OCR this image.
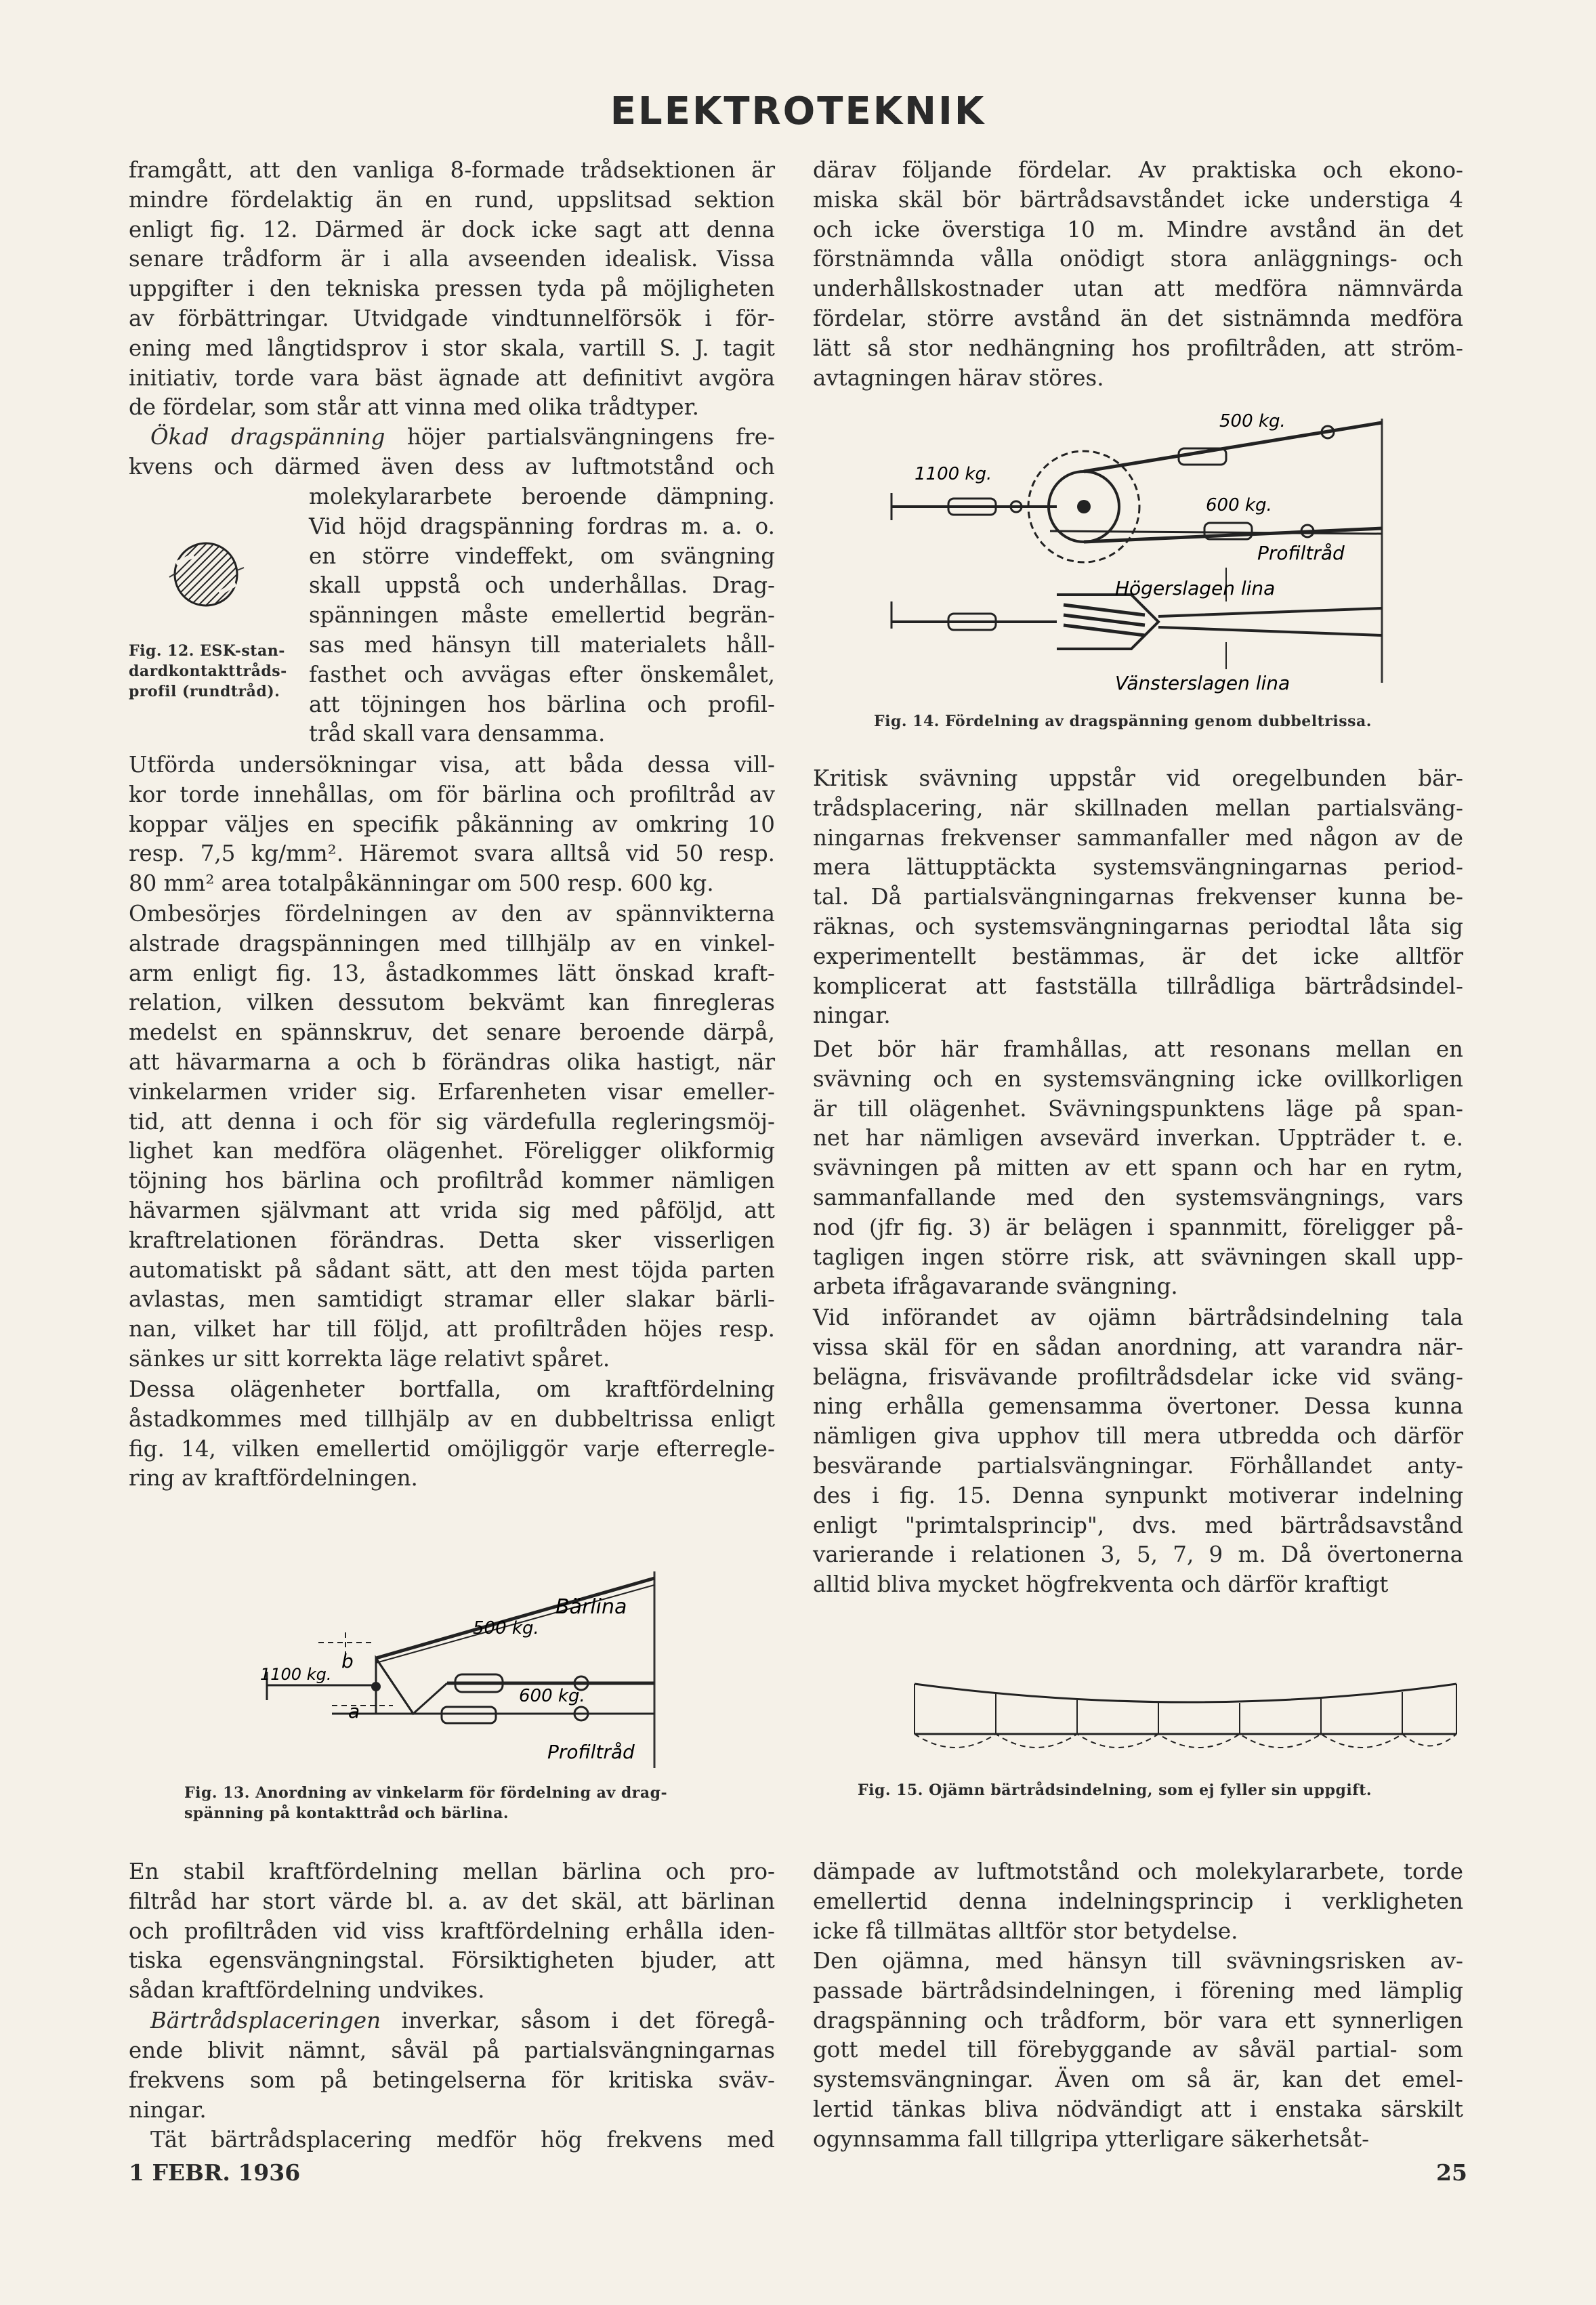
ELEKTROTEKNIK
framgått, att den vanliga 8-formade trådsektionen är
mindre fördelaktig än en rund, uppslitsad sektion
enligt fig. 12. Därmed är dock icke sagt att denna
senare trådform är i alla avseenden idealisk. Vissa
uppgifter i den tekniska pressen tyda på möjligheten
av förbättringar. Utvidgade vindtunnelförsök i för-
ening med långtidsprov i stor skala, vartill S. J. tagit
initiativ, torde vara bäst ägnade att definitivt avgöra
de fördelar, som står att vinna med olika trådtyper.
Ökad dragspänning höjer partialsvängningens fre-
kvens och därmed även dess av luftmotstånd och
molekylararbete beroende dämpning.
Vid höjd dragspänning fordras m. a. o.
en större vindeffekt, om svängning
skall uppstå och underhållas. Drag-
spänningen måste emellertid begrän-
sas med hänsyn till materialets håll-
fasthet och avvägas efter önskemålet,
att töjningen hos bärlina och profil-
tråd skall vara densamma.
Fig. 12. ESK-stan-
dardkontakttråds-
profil (rundtråd).
Utförda undersökningar visa, att båda dessa vill-
kor torde innehållas, om för bärlina och profiltråd av
koppar väljes en specifik påkänning av omkring 10
resp. 7,5 kg/mm². Häremot svara alltså vid 50 resp.
80 mm² area totalpåkänningar om 500 resp. 600 kg.
Ombesörjes fördelningen av den av spännvikterna
alstrade dragspänningen med tillhjälp av en vinkel-
arm enligt fig. 13, åstadkommes lätt önskad kraft-
relation, vilken dessutom bekvämt kan finregleras
medelst en spännskruv, det senare beroende därpå,
att hävarmarna a och b förändras olika hastigt, när
vinkelarmen vrider sig. Erfarenheten visar emeller-
tid, att denna i och för sig värdefulla regleringsmöj-
lighet kan medföra olägenhet. Föreligger olikformig
töjning hos bärlina och profiltråd kommer nämligen
hävarmen självmant att vrida sig med påföljd, att
kraftrelationen förändras. Detta sker visserligen
automatiskt på sådant sätt, att den mest töjda parten
avlastas, men samtidigt stramar eller slakar bärli-
nan, vilket har till följd, att profiltråden höjes resp.
sänkes ur sitt korrekta läge relativt spåret.
Dessa olägenheter bortfalla, om kraftfördelning
åstadkommes med tillhjälp av en dubbeltrissa enligt
fig. 14, vilken emellertid omöjliggör varje efterregle-
ring av kraftfördelningen.
Bärlina
500 kg.
1100 kg.
b
a
600 kg.
Profiltråd
Fig. 13. Anordning av vinkelarm för fördelning av drag-
spänning på kontakttråd och bärlina.
En stabil kraftfördelning mellan bärlina och pro-
filtråd har stort värde bl. a. av det skäl, att bärlinan
och profiltråden vid viss kraftfördelning erhålla iden-
tiska egensvängningstal. Försiktigheten bjuder, att
sådan kraftfördelning undvikes.
Bärtrådsplaceringen inverkar, såsom i det föregå-
ende blivit nämnt, såväl på partialsvängningarnas
frekvens som på betingelserna för kritiska sväv-
ningar.
Tät bärtrådsplacering medför hög frekvens med
därav följande fördelar. Av praktiska och ekono-
miska skäl bör bärtrådsavståndet icke understiga 4
och icke överstiga 10 m. Mindre avstånd än det
förstnämnda vålla onödigt stora anläggnings- och
underhållskostnader utan att medföra nämnvärda
fördelar, större avstånd än det sistnämnda medföra
lätt så stor nedhängning hos profiltråden, att ström-
avtagningen härav störes.
500 kg.
1100 kg.
600 kg.
Profiltråd
Högerslagen lina
Vänsterslagen lina
Fig. 14. Fördelning av dragspänning genom dubbeltrissa.
Kritisk svävning uppstår vid oregelbunden bär-
trådsplacering, när skillnaden mellan partialsväng-
ningarnas frekvenser sammanfaller med någon av de
mera lättupptäckta systemsvängningarnas period-
tal. Då partialsvängningarnas frekvenser kunna be-
räknas, och systemsvängningarnas periodtal låta sig
experimentellt bestämmas, är det icke alltför
komplicerat att fastställa tillrådliga bärtrådsindel-
ningar.
Det bör här framhållas, att resonans mellan en
svävning och en systemsvängning icke ovillkorligen
är till olägenhet. Svävningspunktens läge på span-
net har nämligen avsevärd inverkan. Uppträder t. e.
svävningen på mitten av ett spann och har en rytm,
sammanfallande med den systemsvängnings, vars
nod (jfr fig. 3) är belägen i spannmitt, föreligger på-
tagligen ingen större risk, att svävningen skall upp-
arbeta ifrågavarande svängning.
Vid införandet av ojämn bärtrådsindelning tala
vissa skäl för en sådan anordning, att varandra när-
belägna, frisvävande profiltrådsdelar icke vid sväng-
ning erhålla gemensamma övertoner. Dessa kunna
nämligen giva upphov till mera utbredda och därför
besvärande partialsvängningar. Förhållandet anty-
des i fig. 15. Denna synpunkt motiverar indelning
enligt "primtalsprincip", dvs. med bärtrådsavstånd
varierande i relationen 3, 5, 7, 9 m. Då övertonerna
alltid bliva mycket högfrekventa och därför kraftigt
Fig. 15. Ojämn bärtrådsindelning, som ej fyller sin uppgift.
dämpade av luftmotstånd och molekylararbete, torde
emellertid denna indelningsprincip i verkligheten
icke få tillmätas alltför stor betydelse.
Den ojämna, med hänsyn till svävningsrisken av-
passade bärtrådsindelningen, i förening med lämplig
dragspänning och trådform, bör vara ett synnerligen
gott medel till förebyggande av såväl partial- som
systemsvängningar. Även om så är, kan det emel-
lertid tänkas bliva nödvändigt att i enstaka särskilt
ogynnsamma fall tillgripa ytterligare säkerhetsåt-
1 FEBR. 1936	25
